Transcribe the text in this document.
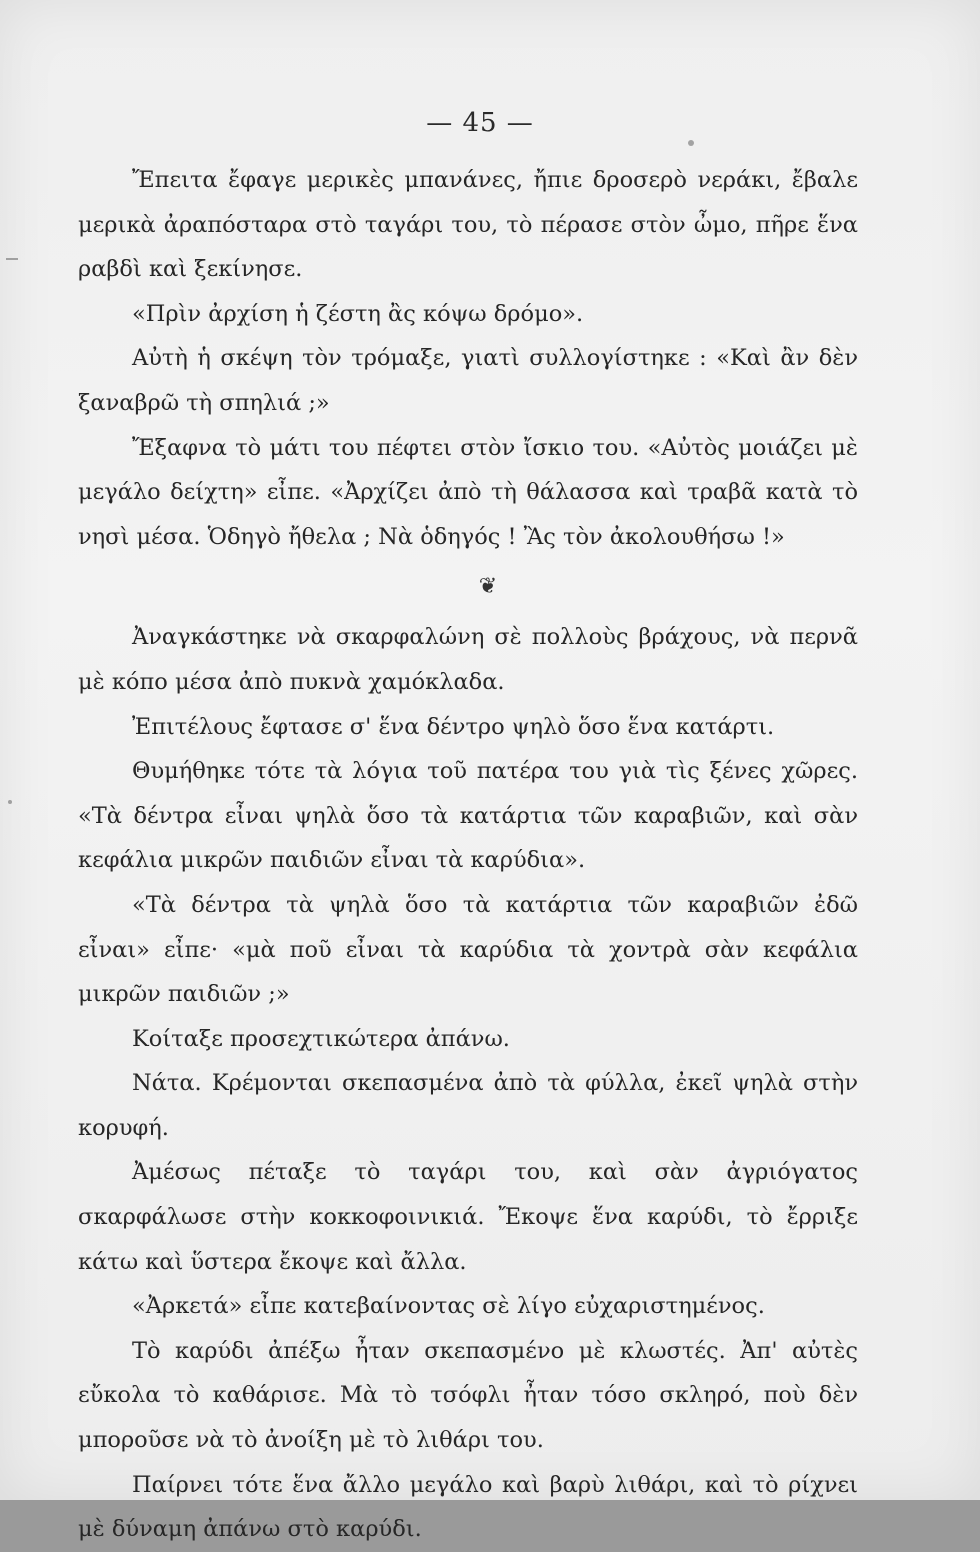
— 45 —

Ἔπειτα ἔφαγε μερικὲς μπανάνες, ἤπιε δροσερὸ νεράκι, ἔβαλε μερικὰ ἀραπόσταρα στὸ ταγάρι του, τὸ πέρασε στὸν ὦμο, πῆρε ἕνα ραβδὶ καὶ ξεκίνησε.

«Πρὶν ἀρχίση ἡ ζέστη ἂς κόψω δρόμο».

Αὐτὴ ἡ σκέψη τὸν τρόμαξε, γιατὶ συλλογίστηκε : «Καὶ ἂν δὲν ξαναβρῶ τὴ σπηλιά ;»

Ἔξαφνα τὸ μάτι του πέφτει στὸν ἴσκιο του. «Αὐτὸς μοιάζει μὲ μεγάλο δείχτη» εἶπε. «Ἀρχίζει ἀπὸ τὴ θάλασσα καὶ τραβᾶ κατὰ τὸ νησὶ μέσα. Ὁδηγὸ ἤθελα ; Νὰ ὁδηγός ! Ἂς τὸν ἀκολουθήσω !»

❦

Ἀναγκάστηκε νὰ σκαρφαλώνη σὲ πολλοὺς βράχους, νὰ περνᾶ μὲ κόπο μέσα ἀπὸ πυκνὰ χαμόκλαδα.

Ἐπιτέλους ἔφτασε σ' ἕνα δέντρο ψηλὸ ὅσο ἕνα κατάρτι.

Θυμήθηκε τότε τὰ λόγια τοῦ πατέρα του γιὰ τὶς ξένες χῶρες. «Τὰ δέντρα εἶναι ψηλὰ ὅσο τὰ κατάρτια τῶν καραβιῶν, καὶ σὰν κεφάλια μικρῶν παιδιῶν εἶναι τὰ καρύδια».

«Τὰ δέντρα τὰ ψηλὰ ὅσο τὰ κατάρτια τῶν καραβιῶν ἐδῶ εἶναι» εἶπε· «μὰ ποῦ εἶναι τὰ καρύδια τὰ χοντρὰ σὰν κεφάλια μικρῶν παιδιῶν ;»

Κοίταξε προσεχτικώτερα ἀπάνω.

Νάτα. Κρέμονται σκεπασμένα ἀπὸ τὰ φύλλα, ἐκεῖ ψηλὰ στὴν κορυφή.

Ἀμέσως πέταξε τὸ ταγάρι του, καὶ σὰν ἀγριόγατος σκαρφάλωσε στὴν κοκκοφοινικιά. Ἔκοψε ἕνα καρύδι, τὸ ἔρριξε κάτω καὶ ὕστερα ἔκοψε καὶ ἄλλα.

«Ἀρκετά» εἶπε κατεβαίνοντας σὲ λίγο εὐχαριστημένος.

Τὸ καρύδι ἀπέξω ἦταν σκεπασμένο μὲ κλωστές. Ἀπ' αὐτὲς εὔκολα τὸ καθάρισε. Μὰ τὸ τσόφλι ἦταν τόσο σκληρό, ποὺ δὲν μποροῦσε νὰ τὸ ἀνοίξη μὲ τὸ λιθάρι του.

Παίρνει τότε ἕνα ἄλλο μεγάλο καὶ βαρὺ λιθάρι, καὶ τὸ ρίχνει μὲ δύναμη ἀπάνω στὸ καρύδι.
